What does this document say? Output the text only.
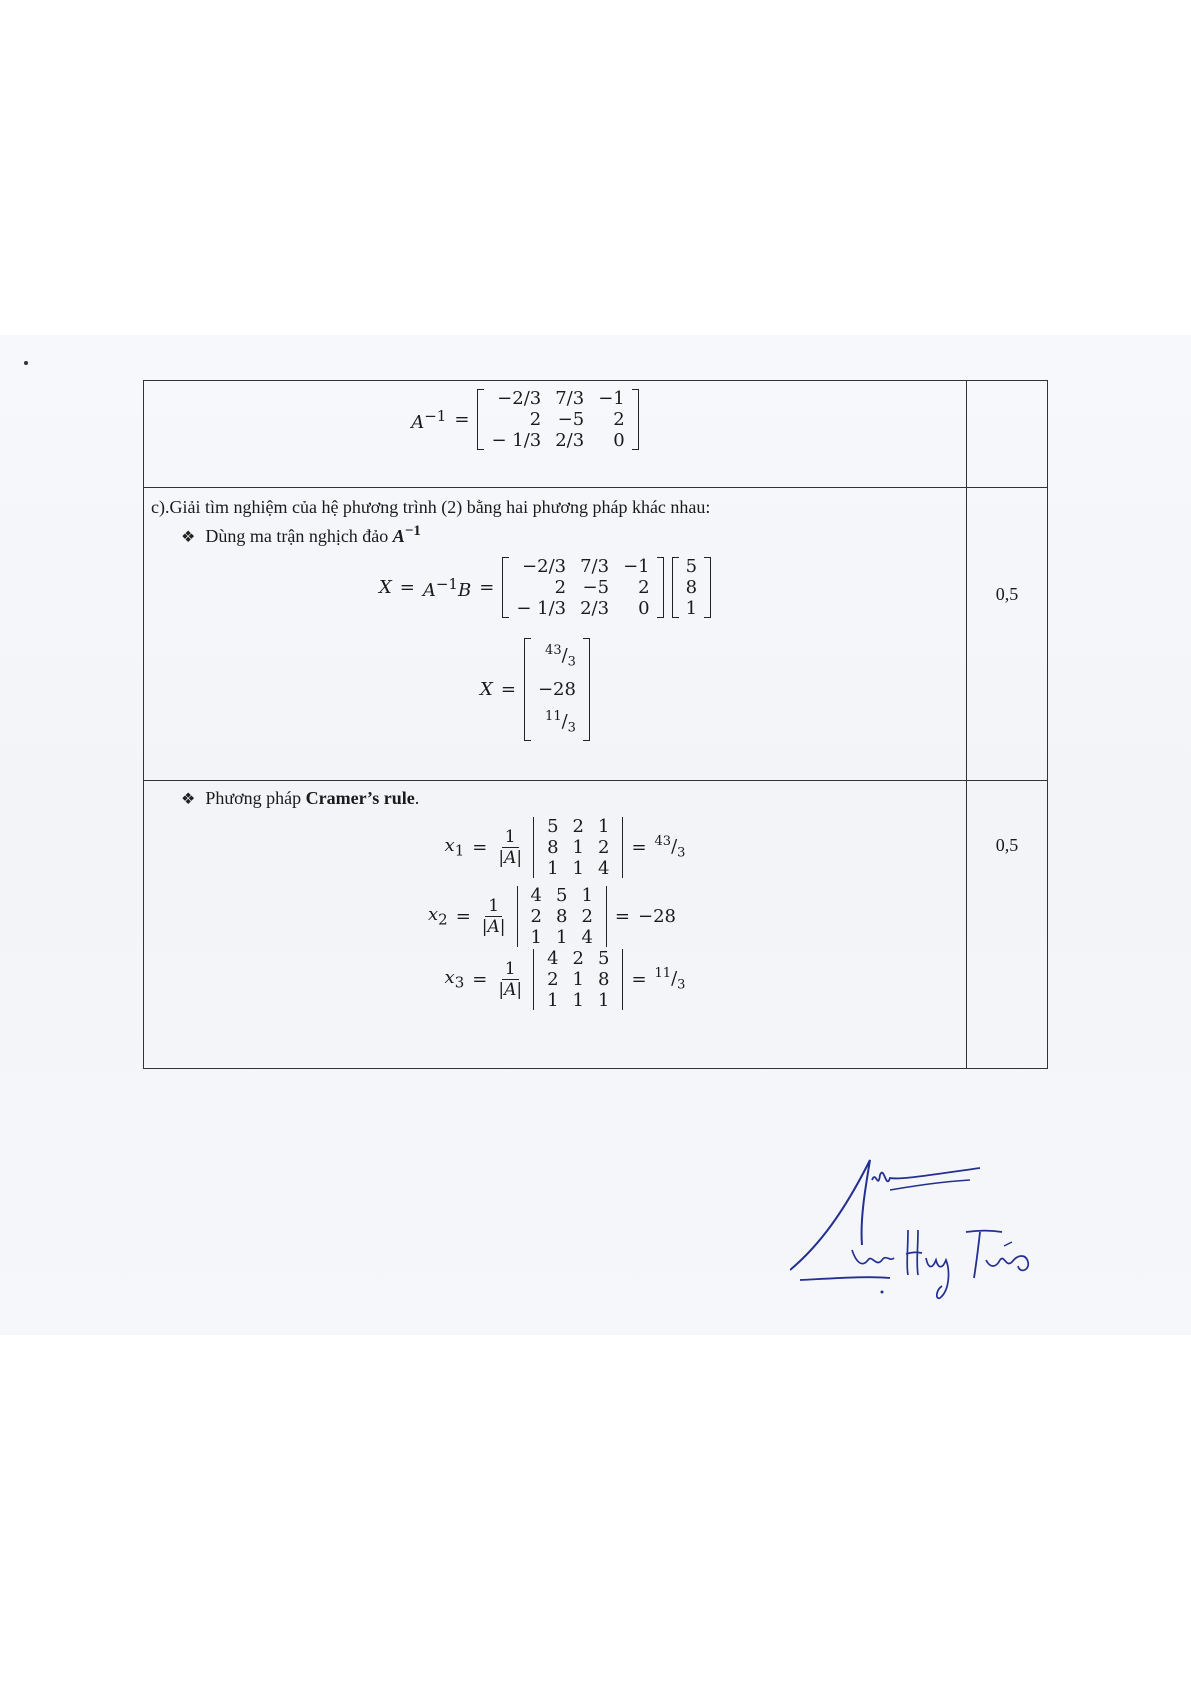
$A^{-1}$ =
−2/3	7/3	−1
2	−5	2
− 1/3	2/3	0

c).Giải tìm nghiệm của hệ phương trình (2) bằng hai phương pháp khác nhau:
❖ Dùng ma trận nghịch đảo $A^{-1}$
$X = A^{-1}B$ =
−2/3	7/3	−1
2	−5	2
− 1/3	2/3	0
5
8
1
X =
$^{43}/_3$
−28
$^{11}/_3$
	0,5

❖ Phương pháp Cramer’s rule.
$x_1 = \frac{1}{|A|}$
5	2	1
8	1	2
1	1	4
= $^{43}/_3$
$x_2 = \frac{1}{|A|}$
4	5	1
2	8	2
1	1	4
= −28
$x_3 = \frac{1}{|A|}$
4	2	5
2	1	8
1	1	1
= $^{11}/_3$
	0,5
